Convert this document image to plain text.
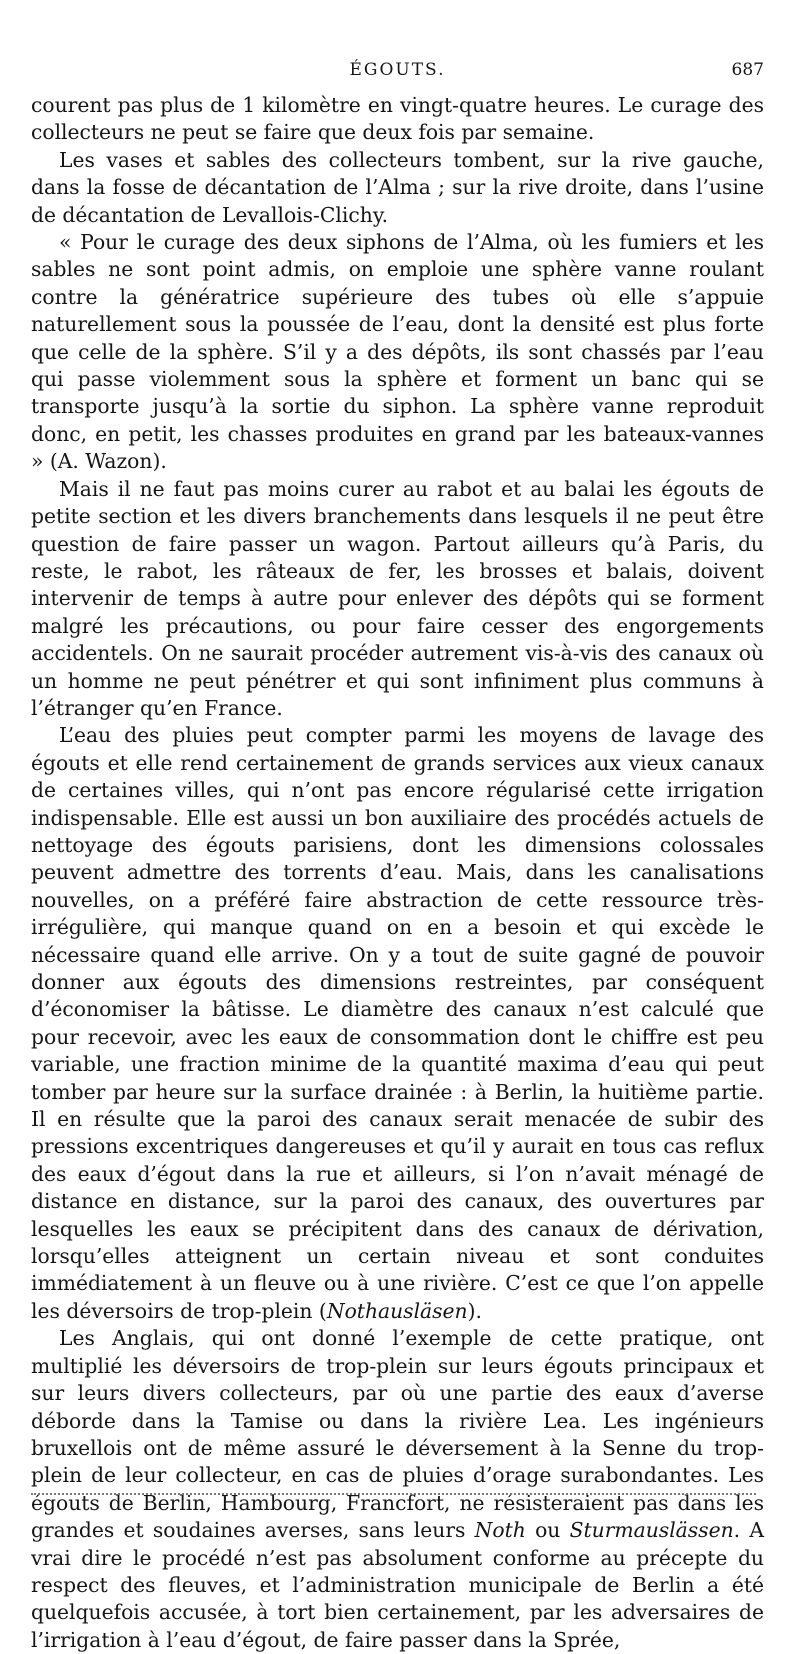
ÉGOUTS.	687

courent pas plus de 1 kilomètre en vingt-quatre heures. Le curage des collecteurs ne peut se faire que deux fois par semaine.

Les vases et sables des collecteurs tombent, sur la rive gauche, dans la fosse de décantation de l’Alma ; sur la rive droite, dans l’usine de décantation de Levallois-Clichy.

« Pour le curage des deux siphons de l’Alma, où les fumiers et les sables ne sont point admis, on emploie une sphère vanne roulant contre la génératrice supérieure des tubes où elle s’appuie naturellement sous la poussée de l’eau, dont la densité est plus forte que celle de la sphère. S’il y a des dépôts, ils sont chassés par l’eau qui passe violemment sous la sphère et forment un banc qui se transporte jusqu’à la sortie du siphon. La sphère vanne reproduit donc, en petit, les chasses produites en grand par les bateaux-vannes » (A. Wazon).

Mais il ne faut pas moins curer au rabot et au balai les égouts de petite section et les divers branchements dans lesquels il ne peut être question de faire passer un wagon. Partout ailleurs qu’à Paris, du reste, le rabot, les râteaux de fer, les brosses et balais, doivent intervenir de temps à autre pour enlever des dépôts qui se forment malgré les précautions, ou pour faire cesser des engorgements accidentels. On ne saurait procéder autrement vis-à-vis des canaux où un homme ne peut pénétrer et qui sont infiniment plus communs à l’étranger qu’en France.

L’eau des pluies peut compter parmi les moyens de lavage des égouts et elle rend certainement de grands services aux vieux canaux de certaines villes, qui n’ont pas encore régularisé cette irrigation indispensable. Elle est aussi un bon auxiliaire des procédés actuels de nettoyage des égouts parisiens, dont les dimensions colossales peuvent admettre des torrents d’eau. Mais, dans les canalisations nouvelles, on a préféré faire abstraction de cette ressource très-irrégulière, qui manque quand on en a besoin et qui excède le nécessaire quand elle arrive. On y a tout de suite gagné de pouvoir donner aux égouts des dimensions restreintes, par conséquent d’économiser la bâtisse. Le diamètre des canaux n’est calculé que pour recevoir, avec les eaux de consommation dont le chiffre est peu variable, une fraction minime de la quantité maxima d’eau qui peut tomber par heure sur la surface drainée : à Berlin, la huitième partie. Il en résulte que la paroi des canaux serait menacée de subir des pressions excentriques dangereuses et qu’il y aurait en tous cas reflux des eaux d’égout dans la rue et ailleurs, si l’on n’avait ménagé de distance en distance, sur la paroi des canaux, des ouvertures par lesquelles les eaux se précipitent dans des canaux de dérivation, lorsqu’elles atteignent un certain niveau et sont conduites immédiatement à un fleuve ou à une rivière. C’est ce que l’on appelle les déversoirs de trop-plein (Nothausläsen).

Les Anglais, qui ont donné l’exemple de cette pratique, ont multiplié les déversoirs de trop-plein sur leurs égouts principaux et sur leurs divers collecteurs, par où une partie des eaux d’averse déborde dans la Tamise ou dans la rivière Lea. Les ingénieurs bruxellois ont de même assuré le déversement à la Senne du trop-plein de leur collecteur, en cas de pluies d’orage surabondantes. Les égouts de Berlin, Hambourg, Francfort, ne résisteraient pas dans les grandes et soudaines averses, sans leurs Noth ou Sturmauslässen. A vrai dire le procédé n’est pas absolument conforme au précepte du respect des fleuves, et l’administration municipale de Berlin a été quelquefois accusée, à tort bien certainement, par les adversaires de l’irrigation à l’eau d’égout, de faire passer dans la Sprée,
